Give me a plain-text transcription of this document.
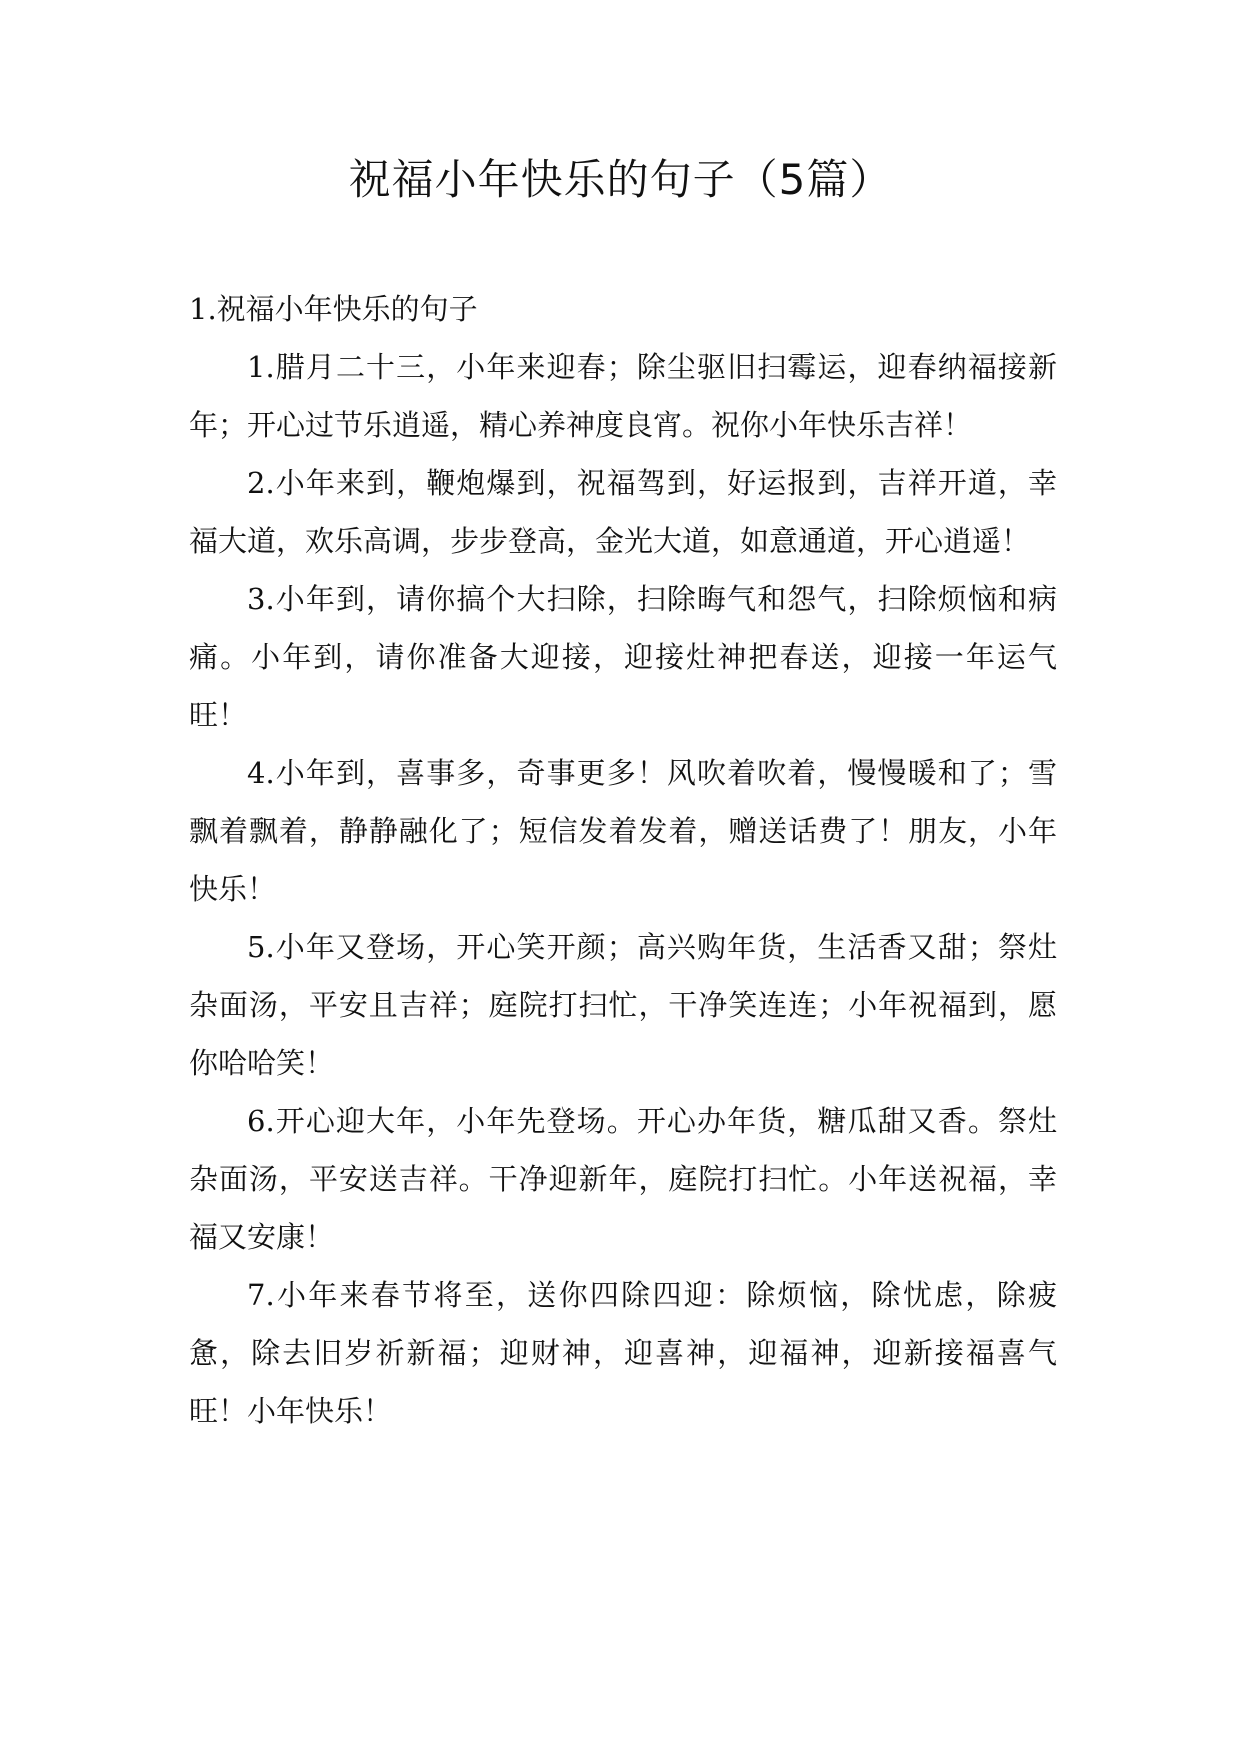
祝福小年快乐的句子（5篇）

1.祝福小年快乐的句子

1.腊月二十三，小年来迎春；除尘驱旧扫霉运，迎春纳福接新年；开心过节乐逍遥，精心养神度良宵。祝你小年快乐吉祥！

2.小年来到，鞭炮爆到，祝福驾到，好运报到，吉祥开道，幸福大道，欢乐高调，步步登高，金光大道，如意通道，开心逍遥！

3.小年到，请你搞个大扫除，扫除晦气和怨气，扫除烦恼和病痛。小年到，请你准备大迎接，迎接灶神把春送，迎接一年运气旺！

4.小年到，喜事多，奇事更多！风吹着吹着，慢慢暖和了；雪飘着飘着，静静融化了；短信发着发着，赠送话费了！朋友，小年快乐！

5.小年又登场，开心笑开颜；高兴购年货，生活香又甜；祭灶杂面汤，平安且吉祥；庭院打扫忙，干净笑连连；小年祝福到，愿你哈哈笑！

6.开心迎大年，小年先登场。开心办年货，糖瓜甜又香。祭灶杂面汤，平安送吉祥。干净迎新年，庭院打扫忙。小年送祝福，幸福又安康！

7.小年来春节将至，送你四除四迎：除烦恼，除忧虑，除疲惫，除去旧岁祈新福；迎财神，迎喜神，迎福神，迎新接福喜气旺！小年快乐！
